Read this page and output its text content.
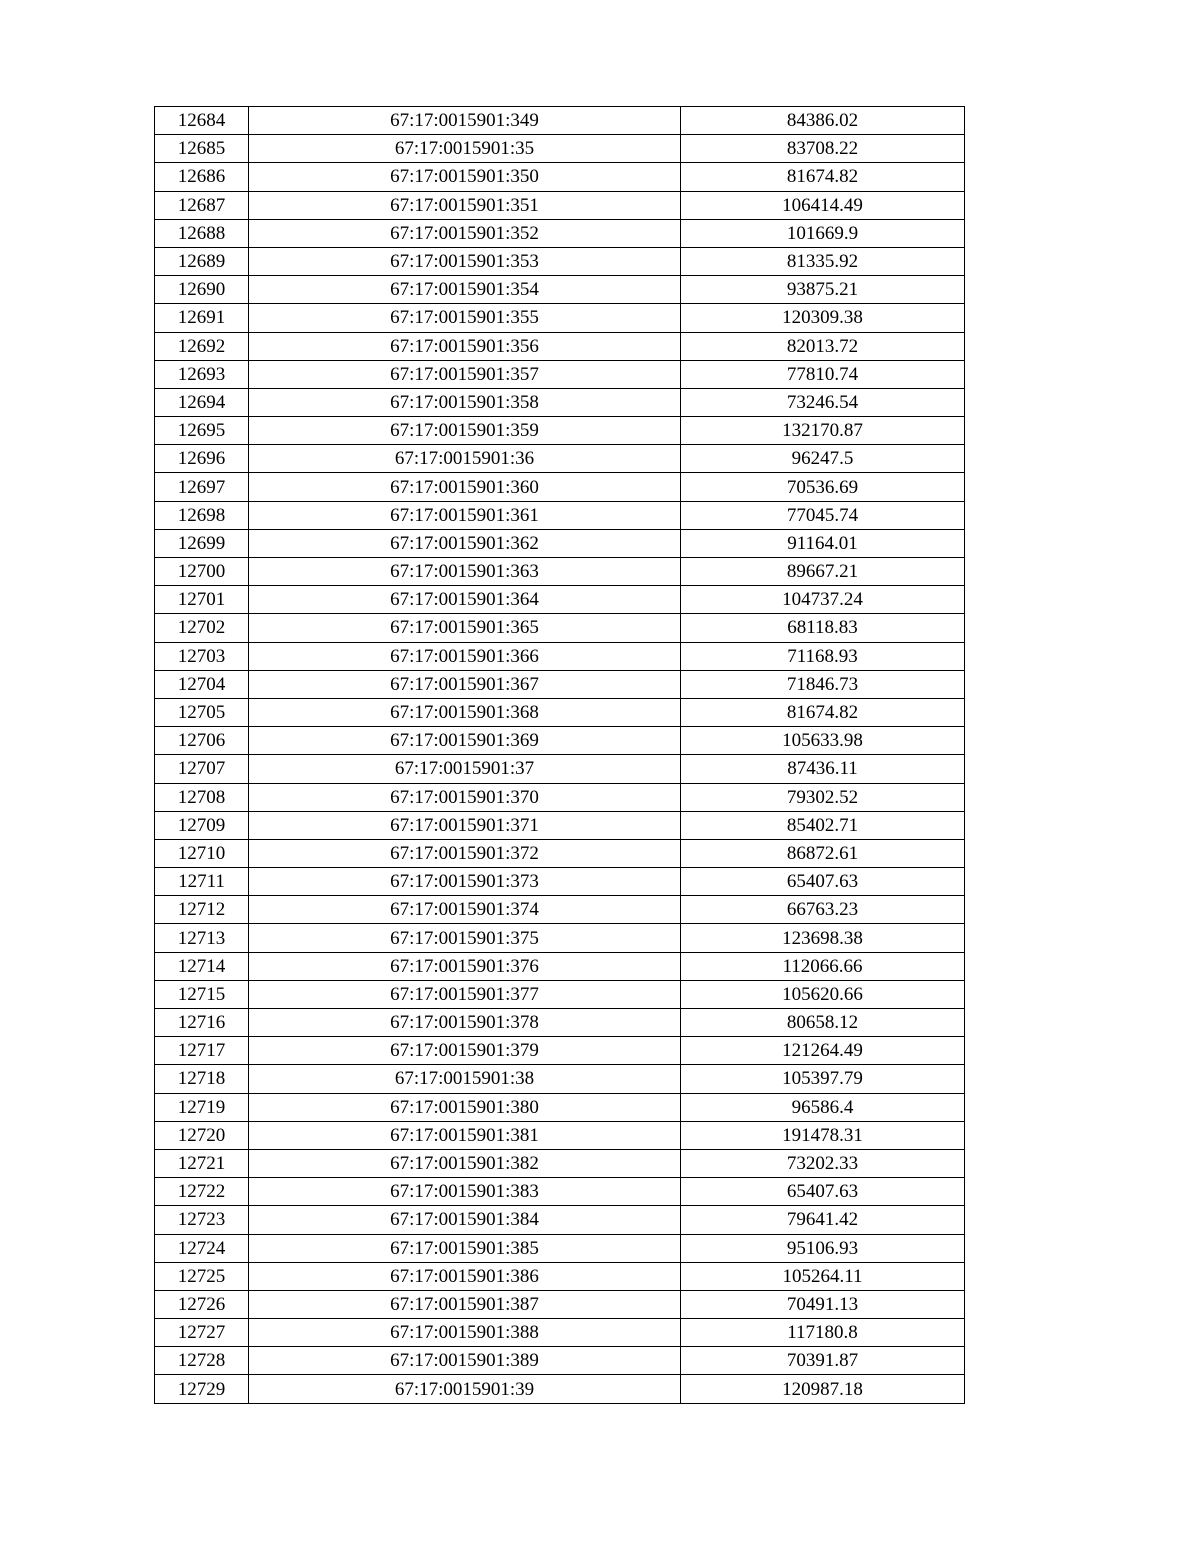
12684	67:17:0015901:349	84386.02
12685	67:17:0015901:35	83708.22
12686	67:17:0015901:350	81674.82
12687	67:17:0015901:351	106414.49
12688	67:17:0015901:352	101669.9
12689	67:17:0015901:353	81335.92
12690	67:17:0015901:354	93875.21
12691	67:17:0015901:355	120309.38
12692	67:17:0015901:356	82013.72
12693	67:17:0015901:357	77810.74
12694	67:17:0015901:358	73246.54
12695	67:17:0015901:359	132170.87
12696	67:17:0015901:36	96247.5
12697	67:17:0015901:360	70536.69
12698	67:17:0015901:361	77045.74
12699	67:17:0015901:362	91164.01
12700	67:17:0015901:363	89667.21
12701	67:17:0015901:364	104737.24
12702	67:17:0015901:365	68118.83
12703	67:17:0015901:366	71168.93
12704	67:17:0015901:367	71846.73
12705	67:17:0015901:368	81674.82
12706	67:17:0015901:369	105633.98
12707	67:17:0015901:37	87436.11
12708	67:17:0015901:370	79302.52
12709	67:17:0015901:371	85402.71
12710	67:17:0015901:372	86872.61
12711	67:17:0015901:373	65407.63
12712	67:17:0015901:374	66763.23
12713	67:17:0015901:375	123698.38
12714	67:17:0015901:376	112066.66
12715	67:17:0015901:377	105620.66
12716	67:17:0015901:378	80658.12
12717	67:17:0015901:379	121264.49
12718	67:17:0015901:38	105397.79
12719	67:17:0015901:380	96586.4
12720	67:17:0015901:381	191478.31
12721	67:17:0015901:382	73202.33
12722	67:17:0015901:383	65407.63
12723	67:17:0015901:384	79641.42
12724	67:17:0015901:385	95106.93
12725	67:17:0015901:386	105264.11
12726	67:17:0015901:387	70491.13
12727	67:17:0015901:388	117180.8
12728	67:17:0015901:389	70391.87
12729	67:17:0015901:39	120987.18
